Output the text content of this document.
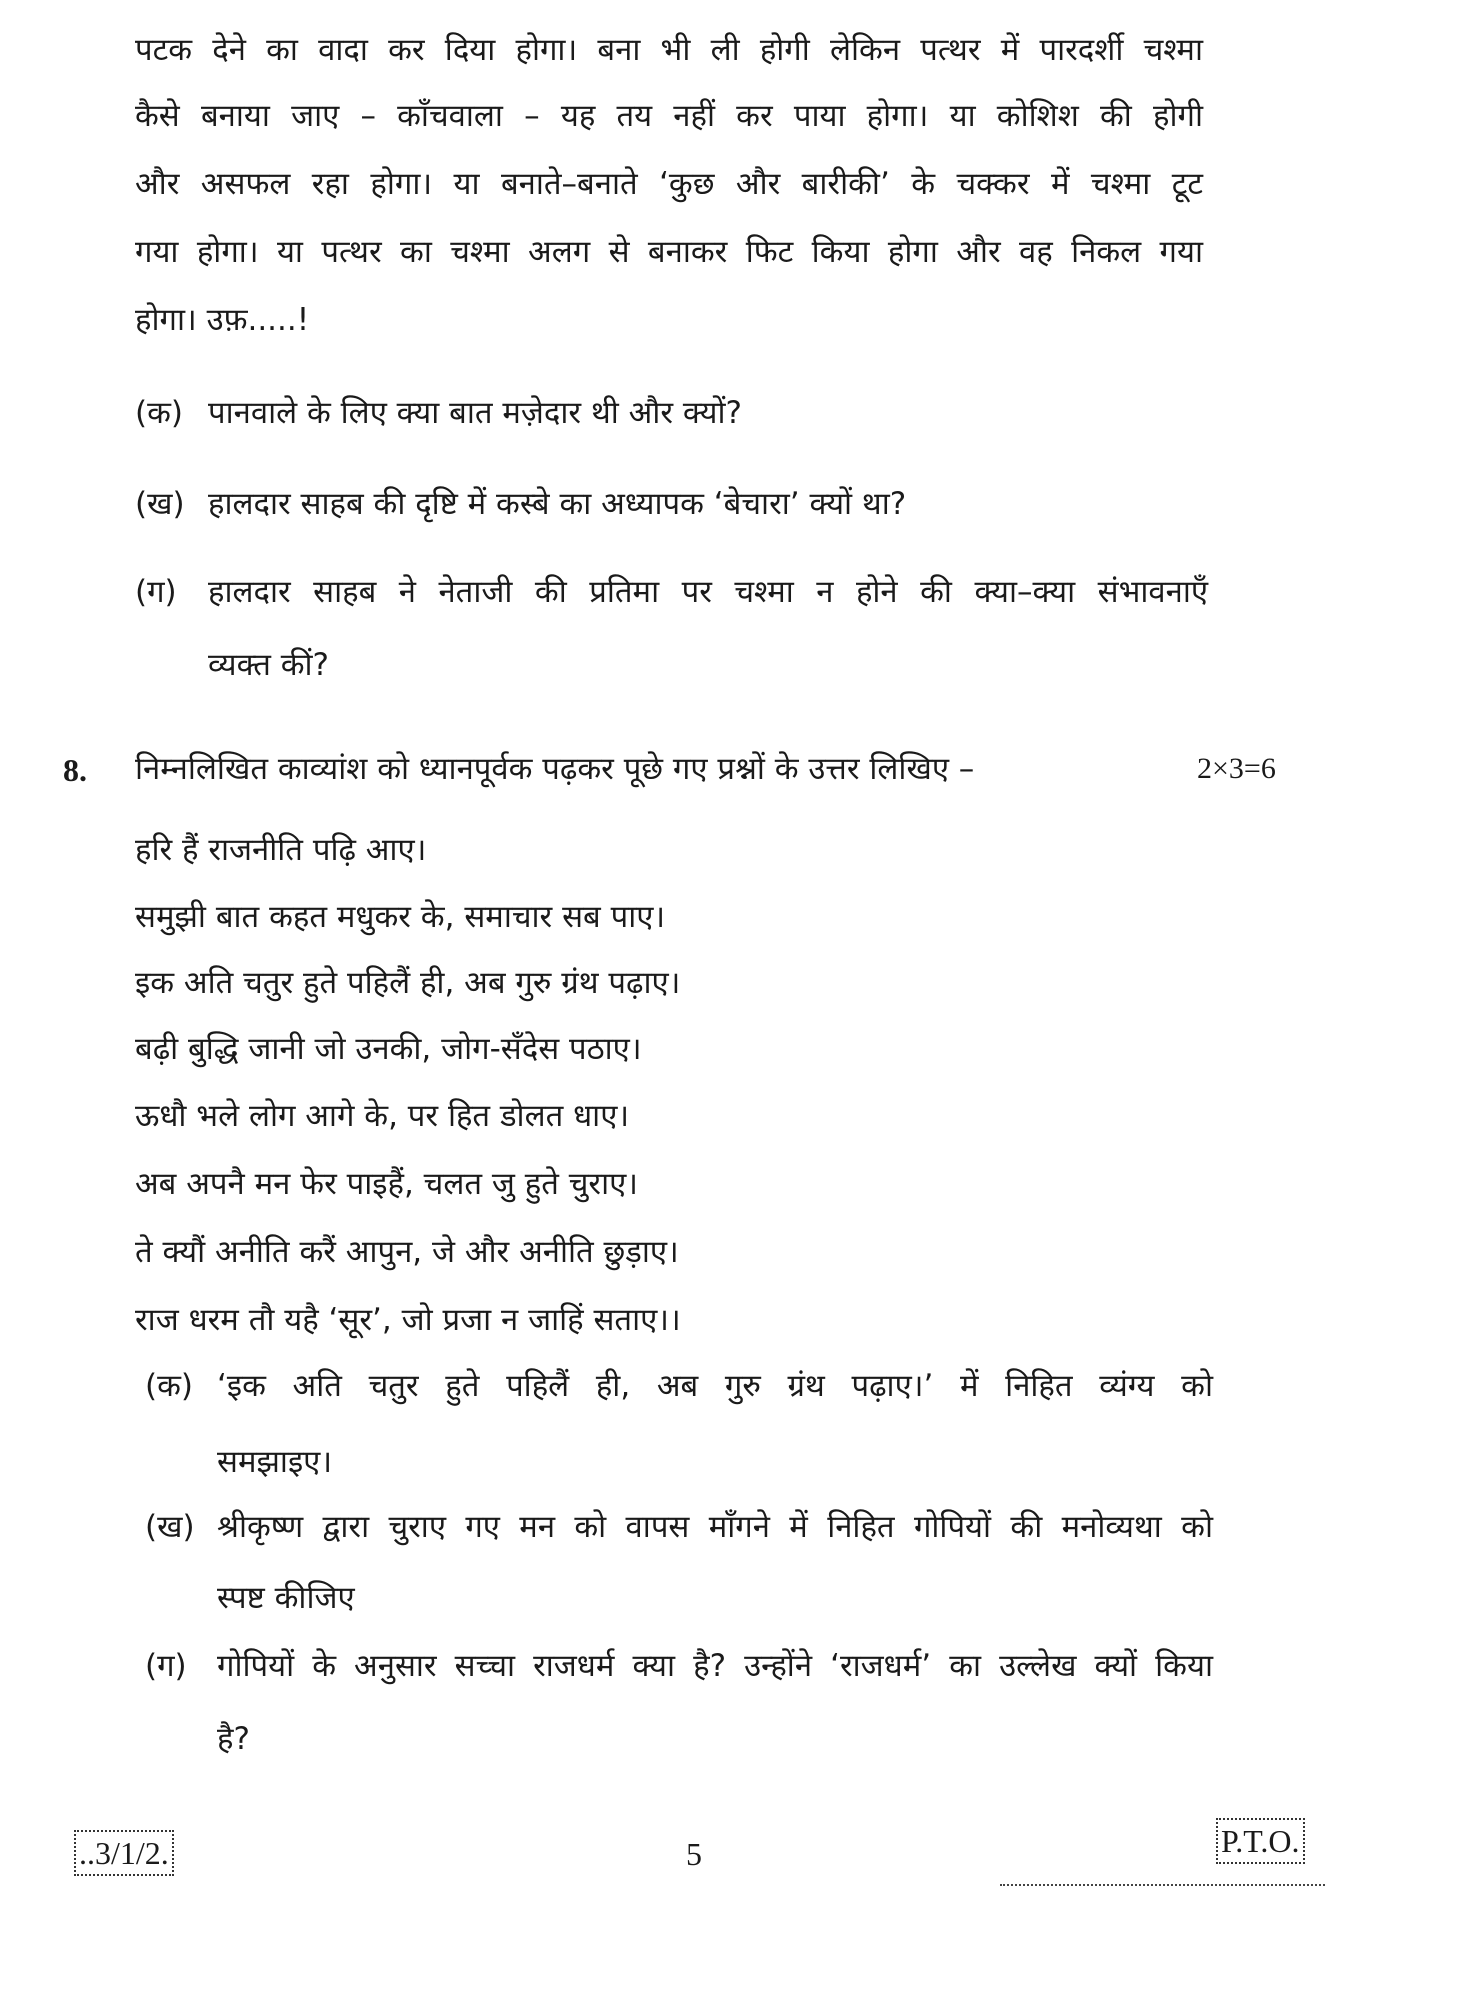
पटक देने का वादा कर दिया होगा। बना भी ली होगी लेकिन पत्थर में पारदर्शी चश्मा
कैसे बनाया जाए – काँचवाला – यह तय नहीं कर पाया होगा। या कोशिश की होगी
और असफल रहा होगा। या बनाते–बनाते ‘कुछ और बारीकी’ के चक्कर में चश्मा टूट
गया होगा। या पत्थर का चश्मा अलग से बनाकर फिट किया होगा और वह निकल गया
होगा। उफ़.....!
(क) पानवाले के लिए क्या बात मज़ेदार थी और क्यों?
(ख) हालदार साहब की दृष्टि में कस्बे का अध्यापक ‘बेचारा’ क्यों था?
(ग) हालदार साहब ने नेताजी की प्रतिमा पर चश्मा न होने की क्या–क्या संभावनाएँ
व्यक्त कीं?
8. निम्नलिखित काव्यांश को ध्यानपूर्वक पढ़कर पूछे गए प्रश्नों के उत्तर लिखिए –	2×3=6
हरि हैं राजनीति पढ़ि आए।
समुझी बात कहत मधुकर के, समाचार सब पाए।
इक अति चतुर हुते पहिलैं ही, अब गुरु ग्रंथ पढ़ाए।
बढ़ी बुद्धि जानी जो उनकी, जोग-सँदेस पठाए।
ऊधौ भले लोग आगे के, पर हित डोलत धाए।
अब अपनै मन फेर पाइहैं, चलत जु हुते चुराए।
ते क्यौं अनीति करैं आपुन, जे और अनीति छुड़ाए।
राज धरम तौ यहै ‘सूर’, जो प्रजा न जाहिं सताए।।
(क) ‘इक अति चतुर हुते पहिलैं ही, अब गुरु ग्रंथ पढ़ाए।’ में निहित व्यंग्य को
समझाइए।
(ख) श्रीकृष्ण द्वारा चुराए गए मन को वापस माँगने में निहित गोपियों की मनोव्यथा को
स्पष्ट कीजिए
(ग) गोपियों के अनुसार सच्चा राजधर्म क्या है? उन्होंने ‘राजधर्म’ का उल्लेख क्यों किया
है?
..3/1/2.	5	P.T.O.
